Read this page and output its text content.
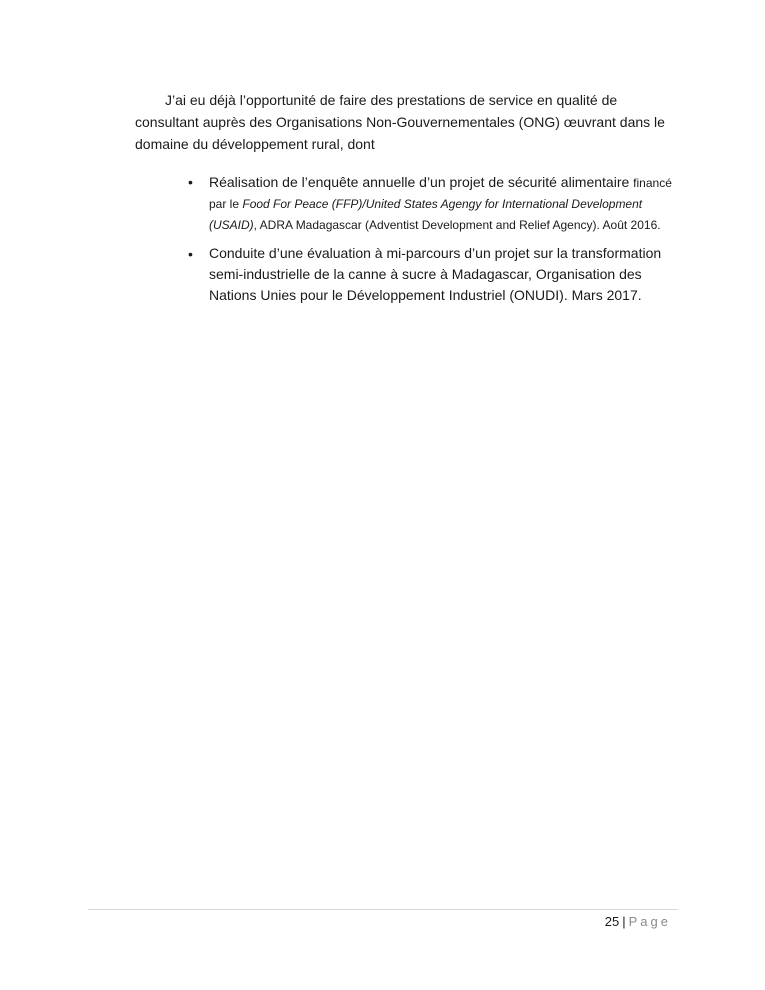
J’ai eu déjà l’opportunité de faire des prestations de service en qualité de consultant auprès des Organisations Non-Gouvernementales (ONG) œuvrant dans le domaine du développement rural, dont

• Réalisation de l’enquête annuelle d’un projet de sécurité alimentaire financé par le Food For Peace (FFP)/United States Agengy for International Development (USAID), ADRA Madagascar (Adventist Development and Relief Agency). Août 2016.
• Conduite d’une évaluation à mi-parcours d’un projet sur la transformation semi-industrielle de la canne à sucre à Madagascar, Organisation des Nations Unies pour le Développement Industriel (ONUDI). Mars 2017.
25 | Page
